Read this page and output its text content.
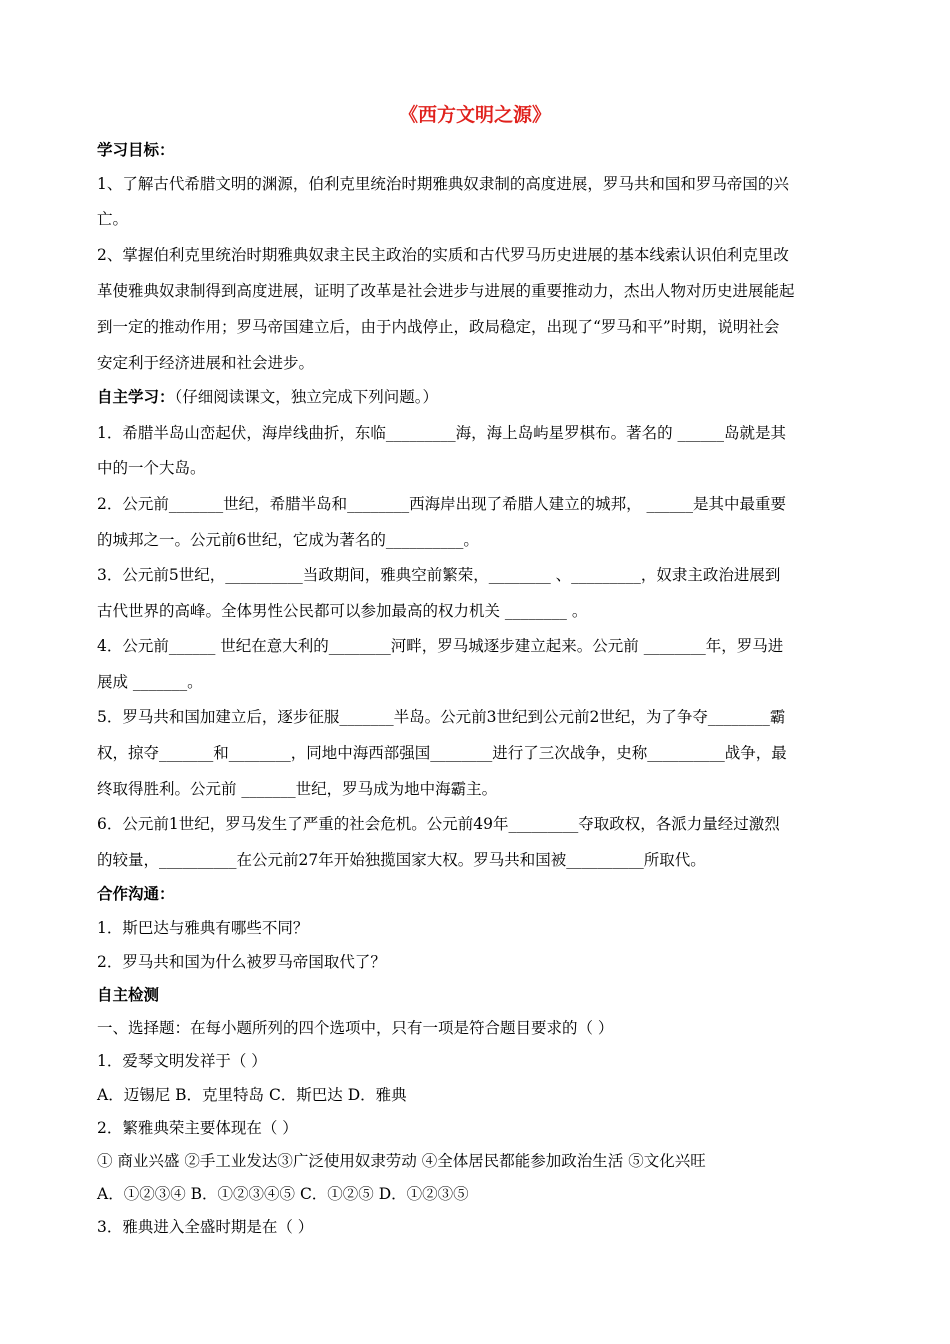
《西方文明之源》
学习目标：
1、了解古代希腊文明的渊源，伯利克里统治时期雅典奴隶制的高度进展，罗马共和国和罗马帝国的兴
亡。
2、掌握伯利克里统治时期雅典奴隶主民主政治的实质和古代罗马历史进展的基本线索认识伯利克里改
革使雅典奴隶制得到高度进展，证明了改革是社会进步与进展的重要推动力，杰出人物对历史进展能起
到一定的推动作用；罗马帝国建立后，由于内战停止，政局稳定，出现了“罗马和平”时期，说明社会
安定利于经济进展和社会进步。
自主学习：（仔细阅读课文，独立完成下列问题。）
1．希腊半岛山峦起伏，海岸线曲折，东临_________海，海上岛屿星罗棋布。著名的 ______岛就是其
中的一个大岛。
2．公元前_______世纪，希腊半岛和________西海岸出现了希腊人建立的城邦， ______是其中最重要
的城邦之一。公元前6世纪，它成为著名的__________。
3．公元前5世纪，__________当政期间，雅典空前繁荣，________ 、_________，奴隶主政治进展到
古代世界的高峰。全体男性公民都可以参加最高的权力机关 ________ 。
4．公元前______ 世纪在意大利的________河畔，罗马城逐步建立起来。公元前 ________年，罗马进
展成 _______。
5．罗马共和国加建立后，逐步征服_______半岛。公元前3世纪到公元前2世纪，为了争夺________霸
权，掠夺_______和________，同地中海西部强国________进行了三次战争，史称__________战争，最
终取得胜利。公元前 _______世纪，罗马成为地中海霸主。
6．公元前1世纪，罗马发生了严重的社会危机。公元前49年_________夺取政权，各派力量经过激烈
的较量，__________在公元前27年开始独揽国家大权。罗马共和国被__________所取代。
合作沟通：
1．斯巴达与雅典有哪些不同？
2．罗马共和国为什么被罗马帝国取代了？
自主检测
一、选择题：在每小题所列的四个选项中，只有一项是符合题目要求的（ ）
1．爱琴文明发祥于（ ）
A．迈锡尼 B．克里特岛 C．斯巴达 D．雅典
2．繁雅典荣主要体现在（ ）
① 商业兴盛 ②手工业发达③广泛使用奴隶劳动 ④全体居民都能参加政治生活 ⑤文化兴旺
A．①②③④ B．①②③④⑤ C．①②⑤ D．①②③⑤
3．雅典进入全盛时期是在（ ）
